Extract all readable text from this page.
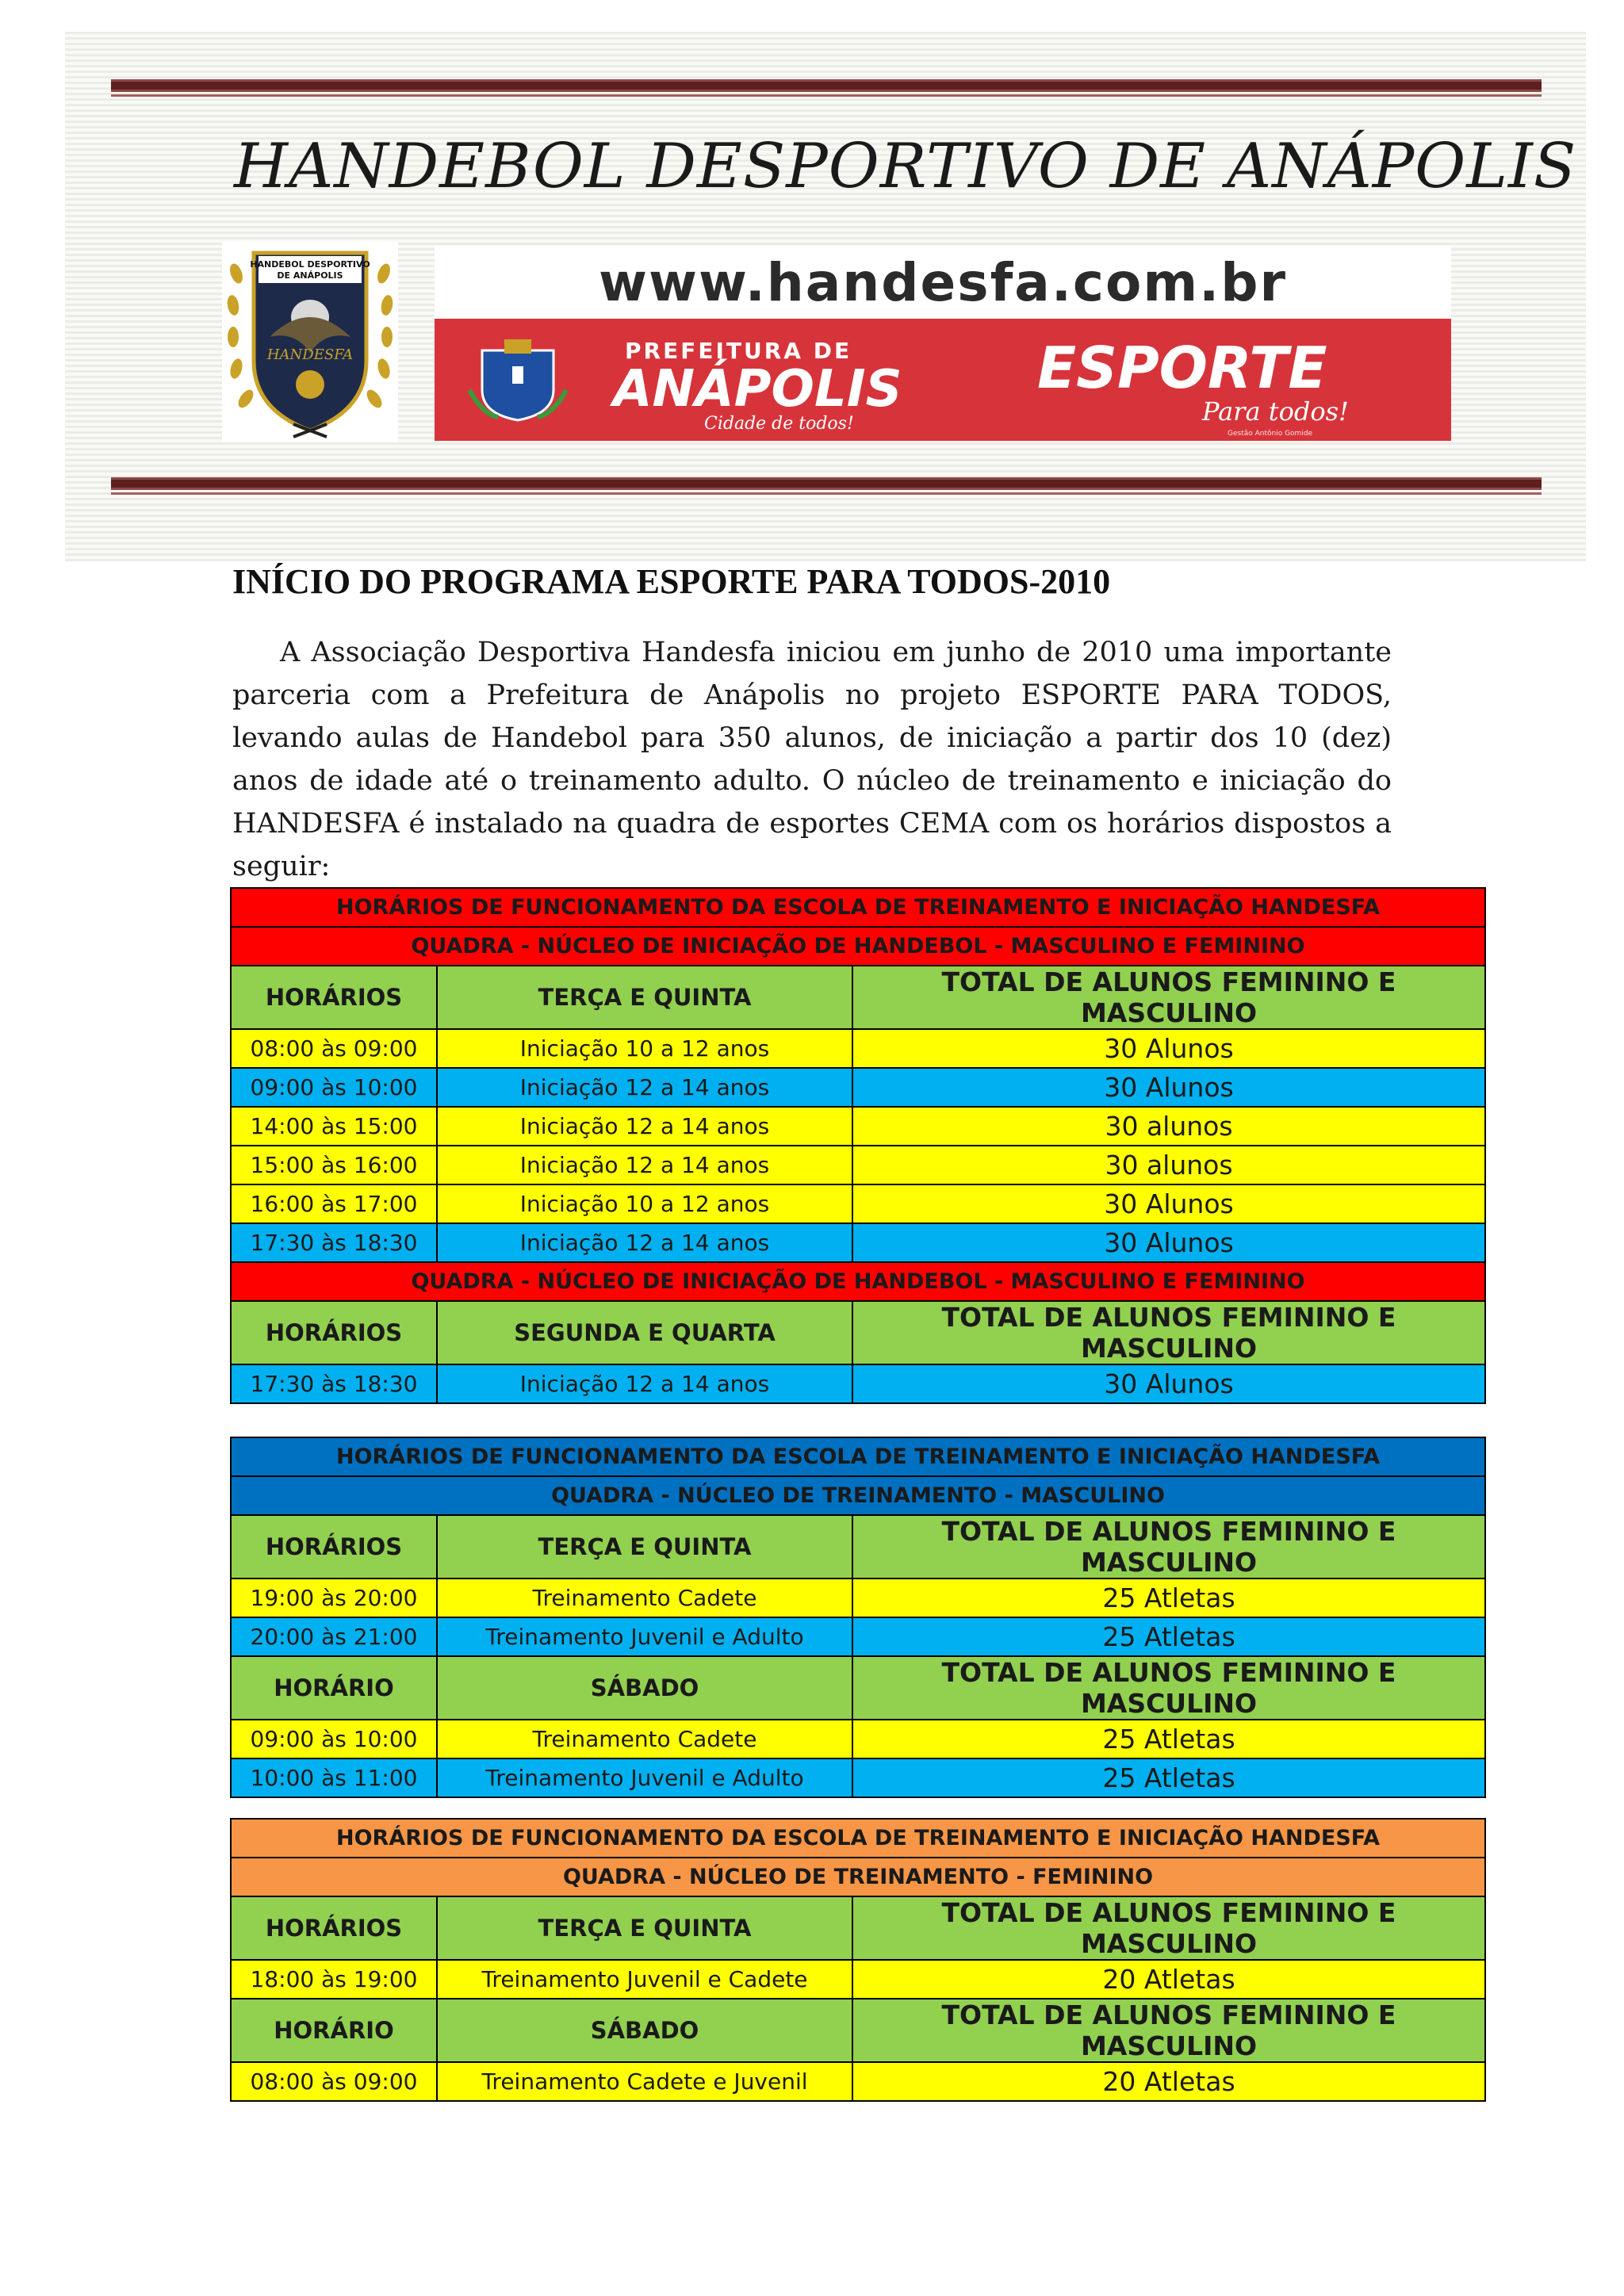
HANDEBOL DESPORTIVO DE ANÁPOLIS
HANDEBOL DESPORTIVO
DE ANÁPOLIS
HANDESFA
www.handesfa.com.br
PREFEITURA DE
ANÁPOLIS
Cidade de todos!
ESPORTE
Para todos!
Gestão Antônio Gomide
INÍCIO DO PROGRAMA ESPORTE PARA TODOS-2010
A Associação Desportiva Handesfa iniciou em junho de 2010 uma importante parceria com a Prefeitura de Anápolis no projeto ESPORTE PARA TODOS, levando aulas de Handebol para 350 alunos, de iniciação a partir dos 10 (dez) anos de idade até o treinamento adulto. O núcleo de treinamento e iniciação do HANDESFA é instalado na quadra de esportes CEMA com os horários dispostos a seguir:
HORÁRIOS DE FUNCIONAMENTO DA ESCOLA DE TREINAMENTO E INICIAÇÃO HANDESFA		
QUADRA - NÚCLEO DE INICIAÇÃO DE HANDEBOL - MASCULINO E FEMININO		
HORÁRIOS	TERÇA E QUINTA	TOTAL DE ALUNOS FEMININO E MASCULINO
08:00 às 09:00	Iniciação 10 a 12 anos	30 Alunos
09:00 às 10:00	Iniciação 12 a 14 anos	30 Alunos
14:00 às 15:00	Iniciação 12 a 14 anos	30 alunos
15:00 às 16:00	Iniciação 12 a 14 anos	30 alunos
16:00 às 17:00	Iniciação 10 a 12 anos	30 Alunos
17:30 às 18:30	Iniciação 12 a 14 anos	30 Alunos
QUADRA - NÚCLEO DE INICIAÇÃO DE HANDEBOL - MASCULINO E FEMININO		
HORÁRIOS	SEGUNDA E QUARTA	TOTAL DE ALUNOS FEMININO E MASCULINO
17:30 às 18:30	Iniciação 12 a 14 anos	30 Alunos
HORÁRIOS DE FUNCIONAMENTO DA ESCOLA DE TREINAMENTO E INICIAÇÃO HANDESFA		
QUADRA - NÚCLEO DE TREINAMENTO - MASCULINO		
HORÁRIOS	TERÇA E QUINTA	TOTAL DE ALUNOS FEMININO E MASCULINO
19:00 às 20:00	Treinamento Cadete	25 Atletas
20:00 às 21:00	Treinamento Juvenil e Adulto	25 Atletas
HORÁRIO	SÁBADO	TOTAL DE ALUNOS FEMININO E MASCULINO
09:00 às 10:00	Treinamento Cadete	25 Atletas
10:00 às 11:00	Treinamento Juvenil e Adulto	25 Atletas
HORÁRIOS DE FUNCIONAMENTO DA ESCOLA DE TREINAMENTO E INICIAÇÃO HANDESFA		
QUADRA - NÚCLEO DE TREINAMENTO - FEMININO		
HORÁRIOS	TERÇA E QUINTA	TOTAL DE ALUNOS FEMININO E MASCULINO
18:00 às 19:00	Treinamento Juvenil e Cadete	20 Atletas
HORÁRIO	SÁBADO	TOTAL DE ALUNOS FEMININO E MASCULINO
08:00 às 09:00	Treinamento Cadete e Juvenil	20 Atletas
